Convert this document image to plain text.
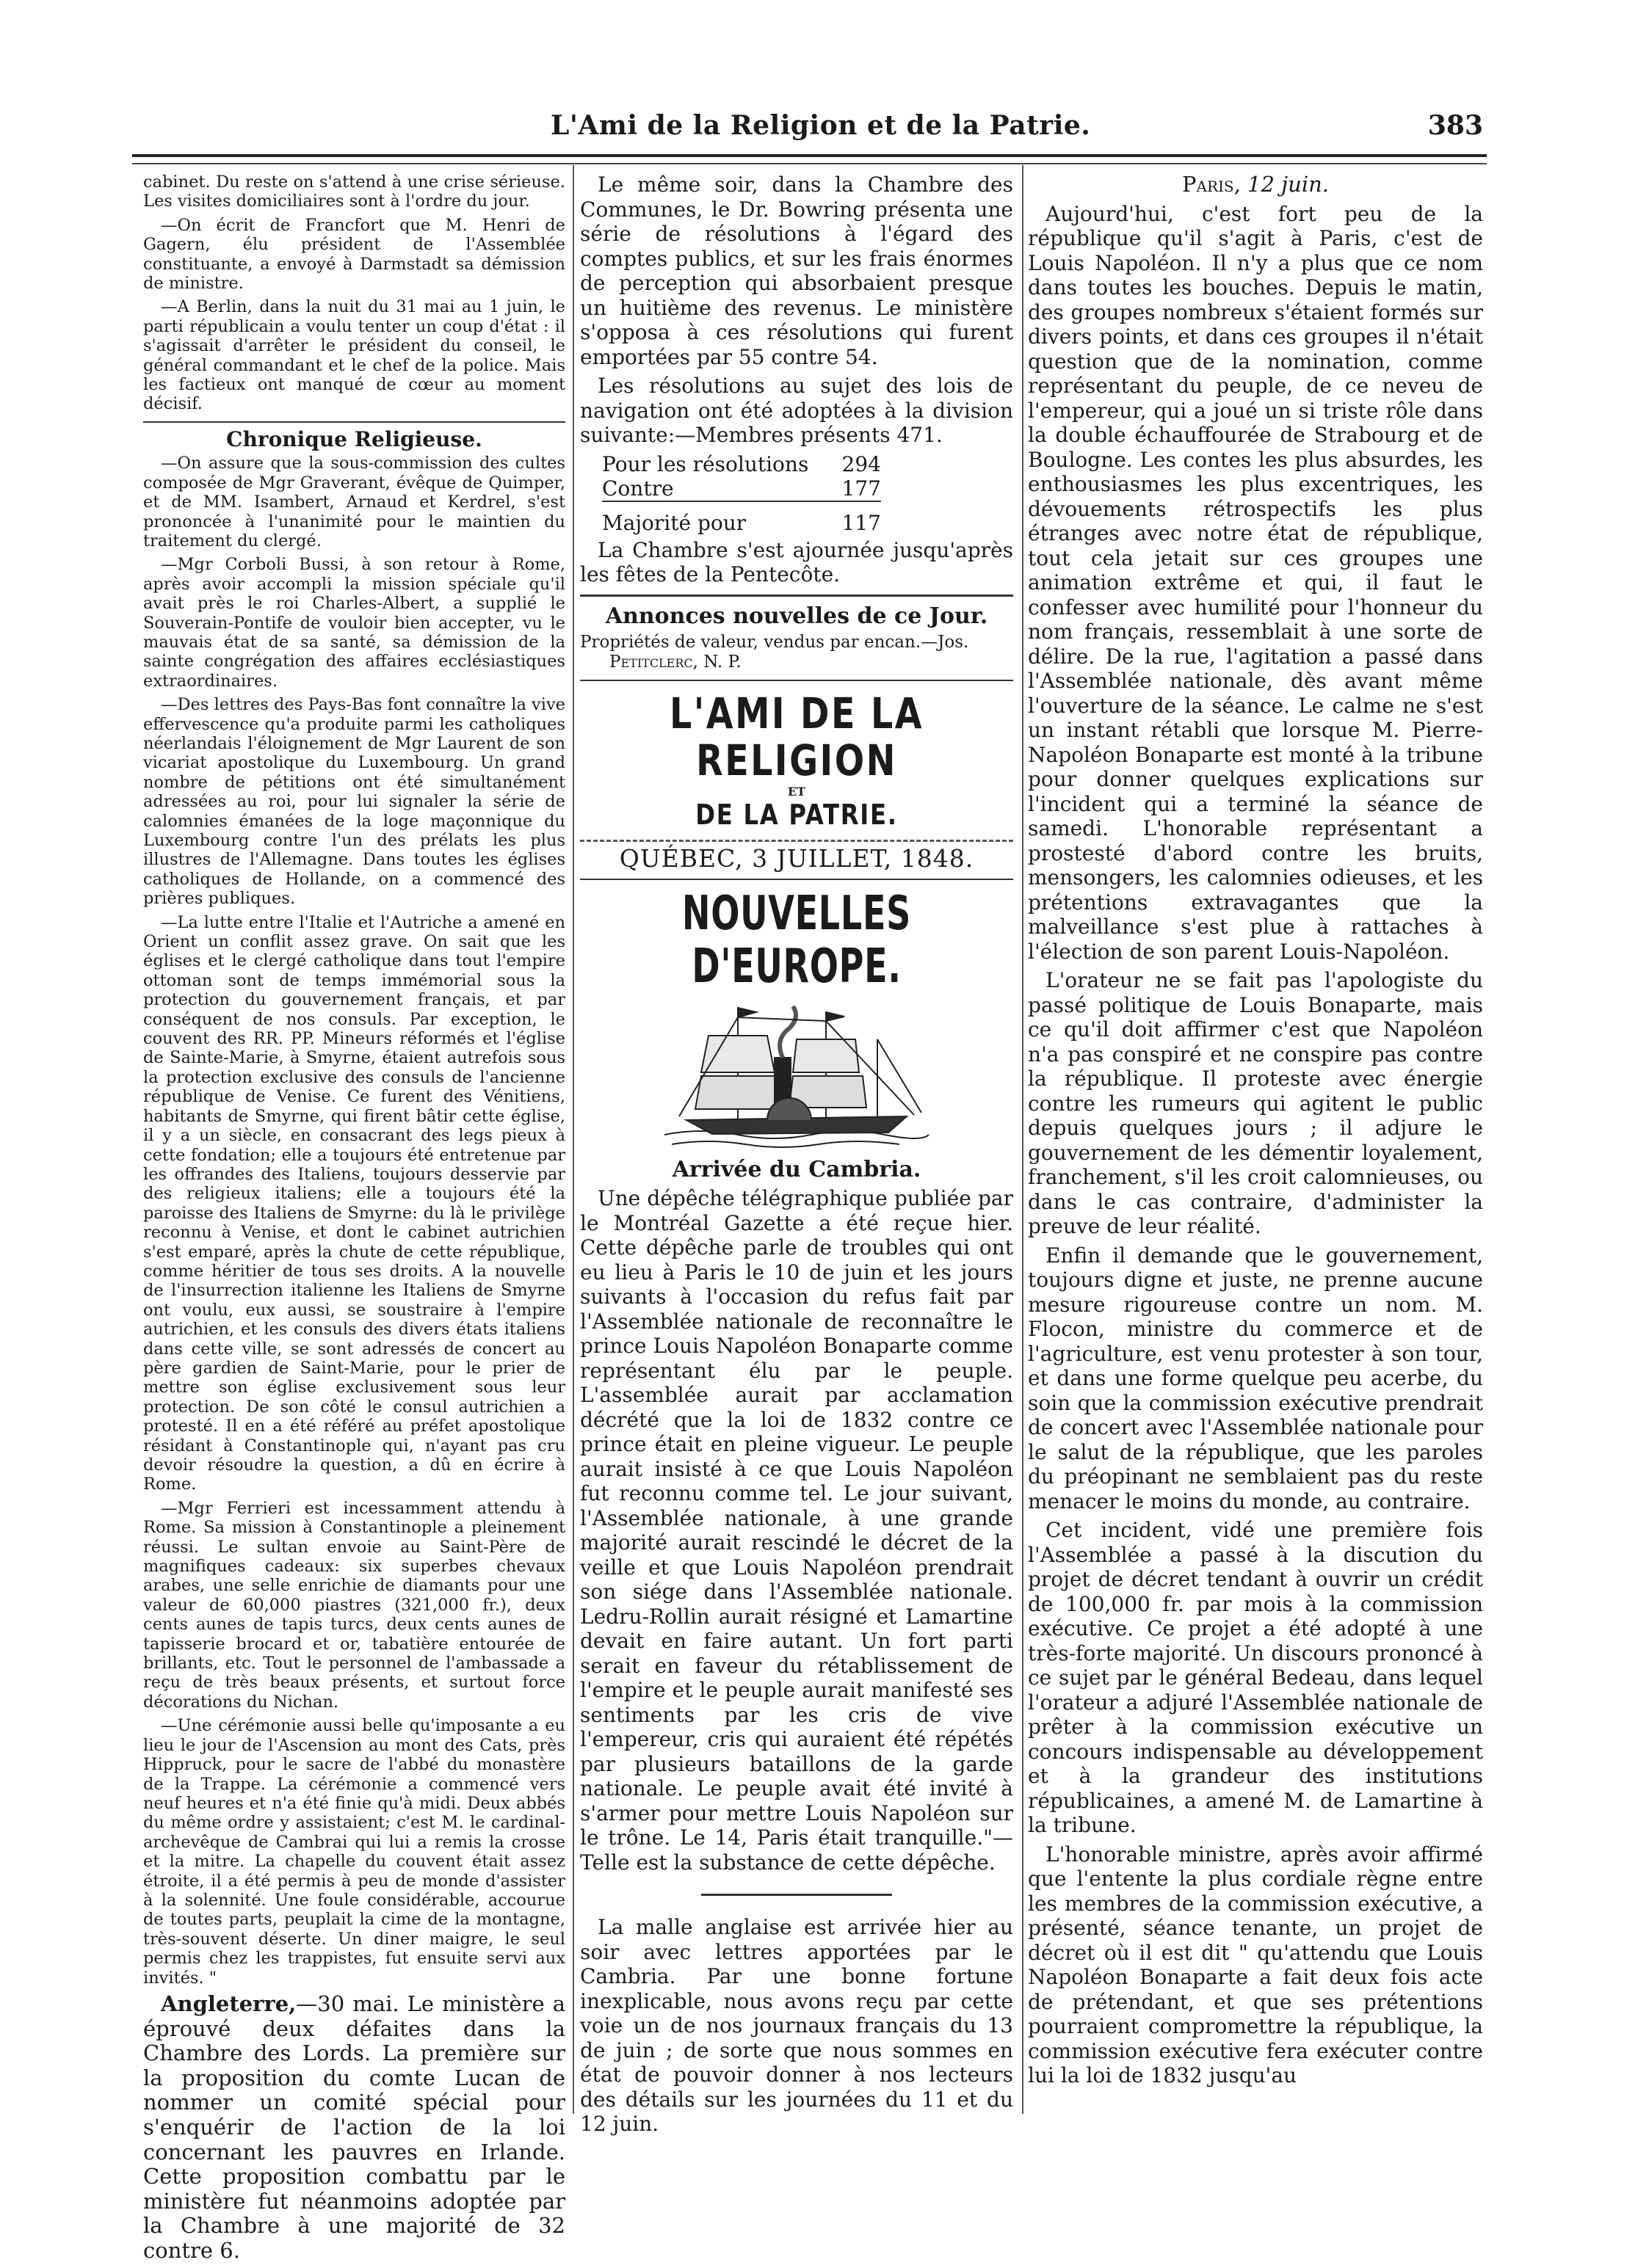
L'Ami de la Religion et de la Patrie.	383

cabinet. Du reste on s'attend à une crise sérieuse. Les visites domiciliaires sont à l'ordre du jour.

—On écrit de Francfort que M. Henri de Gagern, élu président de l'Assemblée constituante, a envoyé à Darmstadt sa démission de ministre.

—A Berlin, dans la nuit du 31 mai au 1 juin, le parti républicain a voulu tenter un coup d'état : il s'agissait d'arrêter le président du conseil, le général commandant et le chef de la police. Mais les factieux ont manqué de cœur au moment décisif.

Chronique Religieuse.

—On assure que la sous-commission des cultes composée de Mgr Graverant, évêque de Quimper, et de MM. Isambert, Arnaud et Kerdrel, s'est prononcée à l'unanimité pour le maintien du traitement du clergé.

—Mgr Corboli Bussi, à son retour à Rome, après avoir accompli la mission spéciale qu'il avait près le roi Charles-Albert, a supplié le Souverain-Pontife de vouloir bien accepter, vu le mauvais état de sa santé, sa démission de la sainte congrégation des affaires ecclésiastiques extraordinaires.

—Des lettres des Pays-Bas font connaître la vive effervescence qu'a produite parmi les catholiques néerlandais l'éloignement de Mgr Laurent de son vicariat apostolique du Luxembourg. Un grand nombre de pétitions ont été simultanément adressées au roi, pour lui signaler la série de calomnies émanées de la loge maçonnique du Luxembourg contre l'un des prélats les plus illustres de l'Allemagne. Dans toutes les églises catholiques de Hollande, on a commencé des prières publiques.

—La lutte entre l'Italie et l'Autriche a amené en Orient un conflit assez grave. On sait que les églises et le clergé catholique dans tout l'empire ottoman sont de temps immémorial sous la protection du gouvernement français, et par conséquent de nos consuls. Par exception, le couvent des RR. PP. Mineurs réformés et l'église de Sainte-Marie, à Smyrne, étaient autrefois sous la protection exclusive des consuls de l'ancienne république de Venise. Ce furent des Vénitiens, habitants de Smyrne, qui firent bâtir cette église, il y a un siècle, en consacrant des legs pieux à cette fondation; elle a toujours été entretenue par les offrandes des Italiens, toujours desservie par des religieux italiens; elle a toujours été la paroisse des Italiens de Smyrne: du là le privilège reconnu à Venise, et dont le cabinet autrichien s'est emparé, après la chute de cette république, comme héritier de tous ses droits. A la nouvelle de l'insurrection italienne les Italiens de Smyrne ont voulu, eux aussi, se soustraire à l'empire autrichien, et les consuls des divers états italiens dans cette ville, se sont adressés de concert au père gardien de Saint-Marie, pour le prier de mettre son église exclusivement sous leur protection. De son côté le consul autrichien a protesté. Il en a été référé au préfet apostolique résidant à Constantinople qui, n'ayant pas cru devoir résoudre la question, a dû en écrire à Rome.

—Mgr Ferrieri est incessamment attendu à Rome. Sa mission à Constantinople a pleinement réussi. Le sultan envoie au Saint-Père de magnifiques cadeaux: six superbes chevaux arabes, une selle enrichie de diamants pour une valeur de 60,000 piastres (321,000 fr.), deux cents aunes de tapis turcs, deux cents aunes de tapisserie brocard et or, tabatière entourée de brillants, etc. Tout le personnel de l'ambassade a reçu de très beaux présents, et surtout force décorations du Nichan.

—Une cérémonie aussi belle qu'imposante a eu lieu le jour de l'Ascension au mont des Cats, près Hippruck, pour le sacre de l'abbé du monastère de la Trappe. La cérémonie a commencé vers neuf heures et n'a été finie qu'à midi. Deux abbés du même ordre y assistaient; c'est M. le cardinal-archevêque de Cambrai qui lui a remis la crosse et la mitre. La chapelle du couvent était assez étroite, il a été permis à peu de monde d'assister à la solennité. Une foule considérable, accourue de toutes parts, peuplait la cime de la montagne, très-souvent déserte. Un diner maigre, le seul permis chez les trappistes, fut ensuite servi aux invités. "

Angleterre,—30 mai. Le ministère a éprouvé deux défaites dans la Chambre des Lords. La première sur la proposition du comte Lucan de nommer un comité spécial pour s'enquérir de l'action de la loi concernant les pauvres en Irlande. Cette proposition combattu par le ministère fut néanmoins adoptée par la Chambre à une majorité de 32 contre 6.

Le même soir, dans la Chambre des Communes, le Dr. Bowring présenta une série de résolutions à l'égard des comptes publics, et sur les frais énormes de perception qui absorbaient presque un huitième des revenus. Le ministère s'opposa à ces résolutions qui furent emportées par 55 contre 54.

Les résolutions au sujet des lois de navigation ont été adoptées à la division suivante:—Membres présents 471.

Pour les résolutions	294
Contre	177
Majorité pour	117

La Chambre s'est ajournée jusqu'après les fêtes de la Pentecôte.

Annonces nouvelles de ce Jour.

Propriétés de valeur, vendus par encan.—Jos.
Petitclerc, N. P.

L'AMI DE LA RELIGION
ET
DE LA PATRIE.
QUÉBEC, 3 JUILLET, 1848.
NOUVELLES D'EUROPE.

Arrivée du Cambria.

Une dépêche télégraphique publiée par le Montréal Gazette a été reçue hier. Cette dépêche parle de troubles qui ont eu lieu à Paris le 10 de juin et les jours suivants à l'occasion du refus fait par l'Assemblée nationale de reconnaître le prince Louis Napoléon Bonaparte comme représentant élu par le peuple. L'assemblée aurait par acclamation décrété que la loi de 1832 contre ce prince était en pleine vigueur. Le peuple aurait insisté à ce que Louis Napoléon fut reconnu comme tel. Le jour suivant, l'Assemblée nationale, à une grande majorité aurait rescindé le décret de la veille et que Louis Napoléon prendrait son siége dans l'Assemblée nationale. Ledru-Rollin aurait résigné et Lamartine devait en faire autant. Un fort parti serait en faveur du rétablissement de l'empire et le peuple aurait manifesté ses sentiments par les cris de vive l'empereur, cris qui auraient été répétés par plusieurs bataillons de la garde nationale. Le peuple avait été invité à s'armer pour mettre Louis Napoléon sur le trône. Le 14, Paris était tranquille."—Telle est la substance de cette dépêche.

La malle anglaise est arrivée hier au soir avec lettres apportées par le Cambria. Par une bonne fortune inexplicable, nous avons reçu par cette voie un de nos journaux français du 13 de juin ; de sorte que nous sommes en état de pouvoir donner à nos lecteurs des détails sur les journées du 11 et du 12 juin.

Paris, 12 juin.

Aujourd'hui, c'est fort peu de la république qu'il s'agit à Paris, c'est de Louis Napoléon. Il n'y a plus que ce nom dans toutes les bouches. Depuis le matin, des groupes nombreux s'étaient formés sur divers points, et dans ces groupes il n'était question que de la nomination, comme représentant du peuple, de ce neveu de l'empereur, qui a joué un si triste rôle dans la double échauffourée de Strabourg et de Boulogne. Les contes les plus absurdes, les enthousiasmes les plus excentriques, les dévouements rétrospectifs les plus étranges avec notre état de république, tout cela jetait sur ces groupes une animation extrême et qui, il faut le confesser avec humilité pour l'honneur du nom français, ressemblait à une sorte de délire. De la rue, l'agitation a passé dans l'Assemblée nationale, dès avant même l'ouverture de la séance. Le calme ne s'est un instant rétabli que lorsque M. Pierre-Napoléon Bonaparte est monté à la tribune pour donner quelques explications sur l'incident qui a terminé la séance de samedi. L'honorable représentant a prostesté d'abord contre les bruits, mensongers, les calomnies odieuses, et les prétentions extravagantes que la malveillance s'est plue à rattaches à l'élection de son parent Louis-Napoléon.

L'orateur ne se fait pas l'apologiste du passé politique de Louis Bonaparte, mais ce qu'il doit affirmer c'est que Napoléon n'a pas conspiré et ne conspire pas contre la république. Il proteste avec énergie contre les rumeurs qui agitent le public depuis quelques jours ; il adjure le gouvernement de les démentir loyalement, franchement, s'il les croit calomnieuses, ou dans le cas contraire, d'administer la preuve de leur réalité.

Enfin il demande que le gouvernement, toujours digne et juste, ne prenne aucune mesure rigoureuse contre un nom. M. Flocon, ministre du commerce et de l'agriculture, est venu protester à son tour, et dans une forme quelque peu acerbe, du soin que la commission exécutive prendrait de concert avec l'Assemblée nationale pour le salut de la république, que les paroles du préopinant ne semblaient pas du reste menacer le moins du monde, au contraire.

Cet incident, vidé une première fois l'Assemblée a passé à la discution du projet de décret tendant à ouvrir un crédit de 100,000 fr. par mois à la commission exécutive. Ce projet a été adopté à une très-forte majorité. Un discours prononcé à ce sujet par le général Bedeau, dans lequel l'orateur a adjuré l'Assemblée nationale de prêter à la commission exécutive un concours indispensable au développement et à la grandeur des institutions républicaines, a amené M. de Lamartine à la tribune.

L'honorable ministre, après avoir affirmé que l'entente la plus cordiale règne entre les membres de la commission exécutive, a présenté, séance tenante, un projet de décret où il est dit " qu'attendu que Louis Napoléon Bonaparte a fait deux fois acte de prétendant, et que ses prétentions pourraient compromettre la république, la commission exécutive fera exécuter contre lui la loi de 1832 jusqu'au
